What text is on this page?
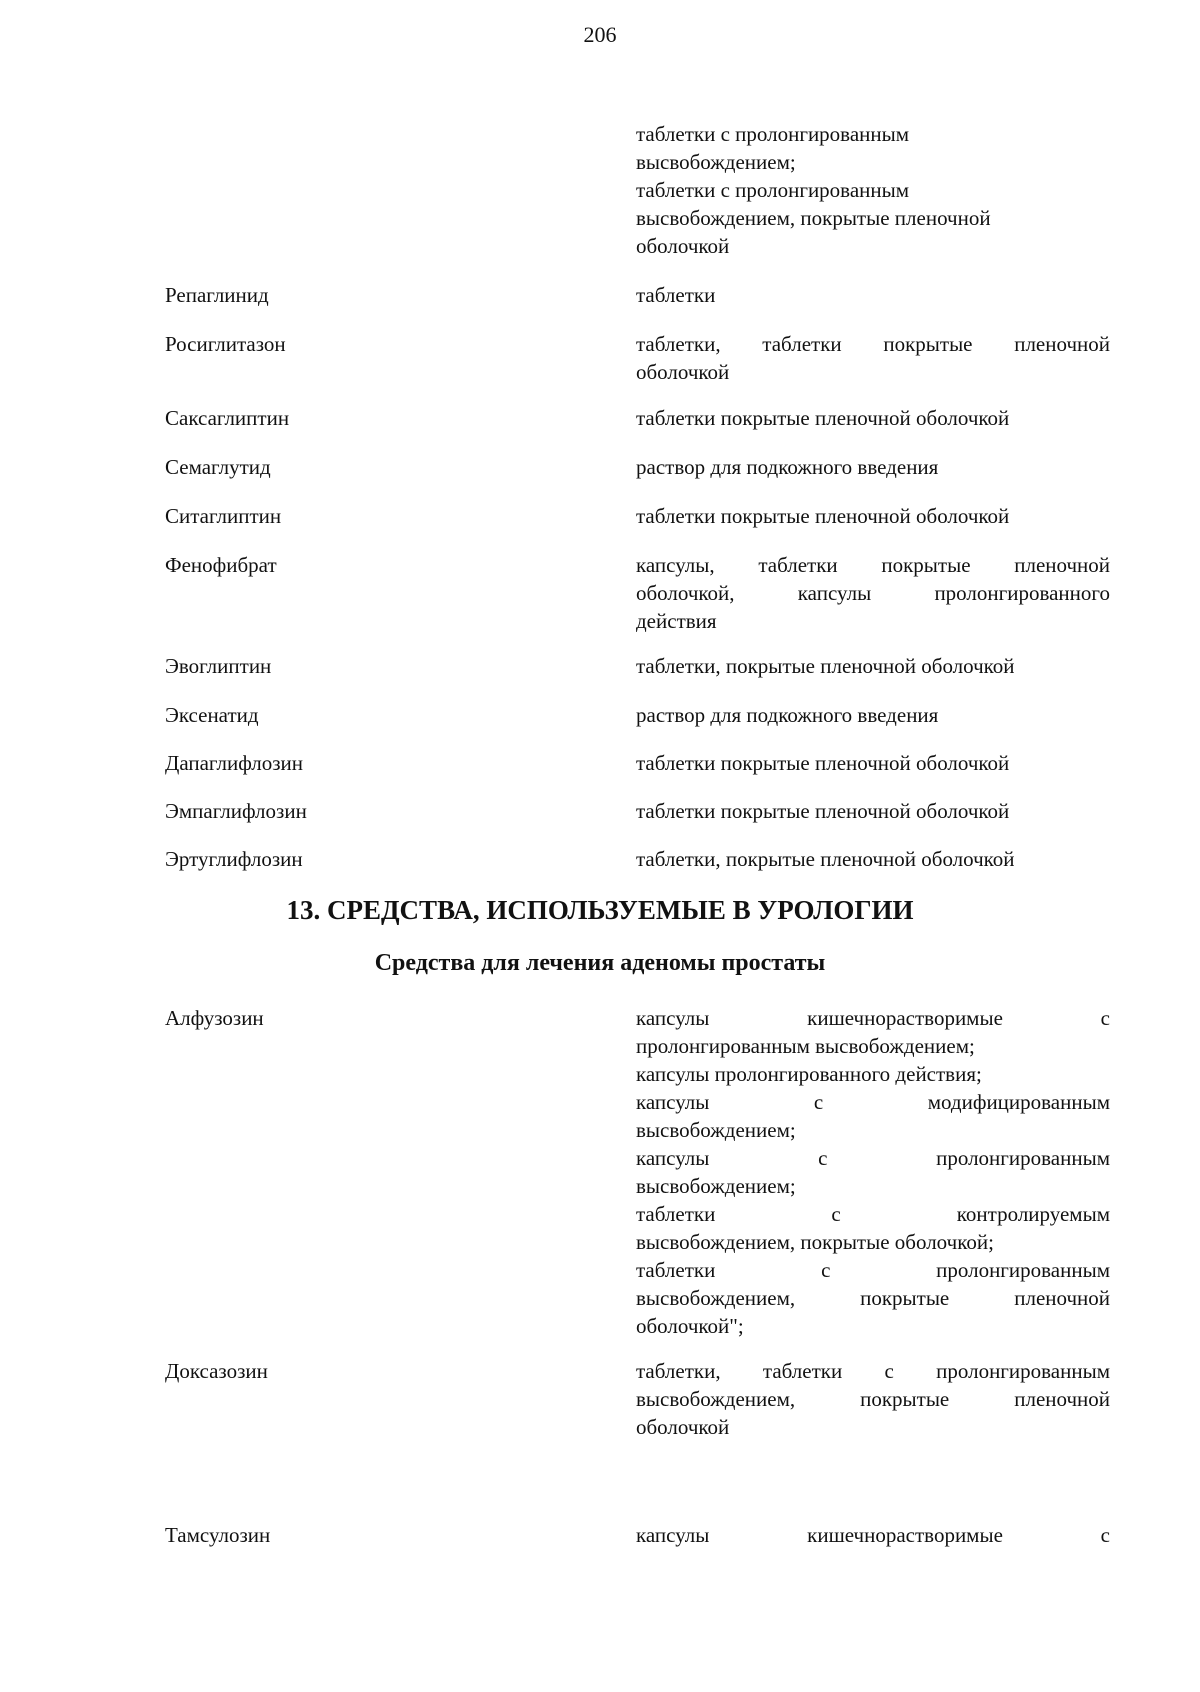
206
таблетки с пролонгированным
высвобождением;
таблетки с пролонгированным
высвобождением, покрытые пленочной
оболочкой
Репаглинид	таблетки
Росиглитазон	таблетки, таблетки покрытые пленочной
оболочкой
Саксаглиптин	таблетки покрытые пленочной оболочкой
Семаглутид	раствор для подкожного введения
Ситаглиптин	таблетки покрытые пленочной оболочкой
Фенофибрат	капсулы, таблетки покрытые пленочной
оболочкой, капсулы пролонгированного
действия
Эвоглиптин	таблетки, покрытые пленочной оболочкой
Эксенатид	раствор для подкожного введения
Дапаглифлозин	таблетки покрытые пленочной оболочкой
Эмпаглифлозин	таблетки покрытые пленочной оболочкой
Эртуглифлозин	таблетки, покрытые пленочной оболочкой
13. СРЕДСТВА, ИСПОЛЬЗУЕМЫЕ В УРОЛОГИИ
Средства для лечения аденомы простаты
Алфузозин	капсулы кишечнорастворимые с
пролонгированным высвобождением;
капсулы пролонгированного действия;
капсулы с модифицированным
высвобождением;
капсулы с пролонгированным
высвобождением;
таблетки с контролируемым
высвобождением, покрытые оболочкой;
таблетки с пролонгированным
высвобождением, покрытые пленочной
оболочкой";
Доксазозин	таблетки, таблетки с пролонгированным
высвобождением, покрытые пленочной
оболочкой
Тамсулозин	капсулы кишечнорастворимые с
